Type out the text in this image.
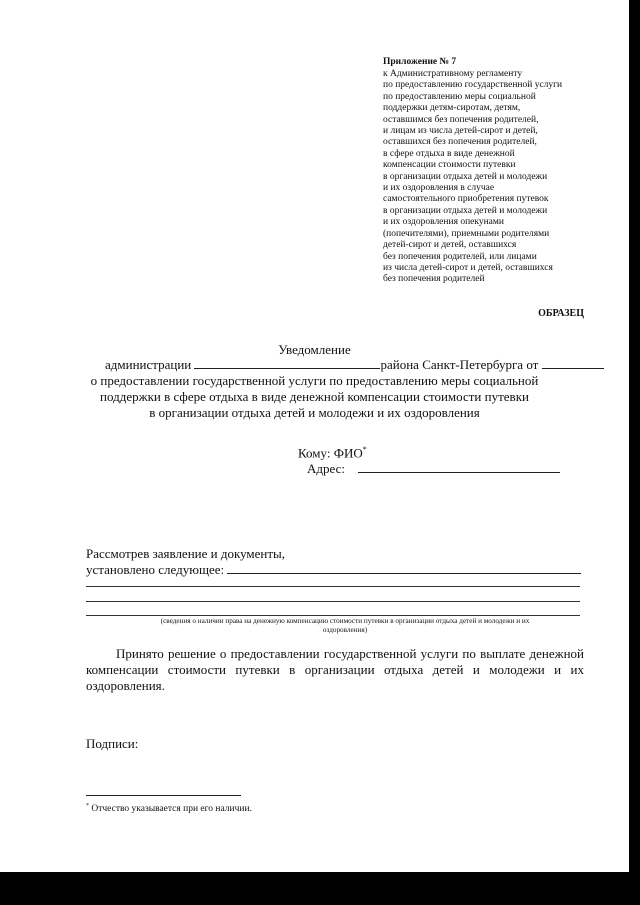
Приложение № 7
к Административному регламенту
по предоставлению государственной услуги
по предоставлению меры социальной
поддержки детям-сиротам, детям,
оставшимся без попечения родителей,
и лицам из числа детей-сирот и детей,
оставшихся без попечения родителей,
в сфере отдыха в виде денежной
компенсации стоимости путевки
в организации отдыха детей и молодежи
и их оздоровления в случае
самостоятельного приобретения путевок
в организации отдыха детей и молодежи
и их оздоровления опекунами
(попечителями), приемными родителями
детей-сирот и детей, оставшихся
без попечения родителей, или лицами
из числа детей-сирот и детей, оставшихся
без попечения родителей
ОБРАЗЕЦ
Уведомление
администрации	района Санкт-Петербурга от
о предоставлении государственной услуги по предоставлению меры социальной
поддержки в сфере отдыха в виде денежной компенсации стоимости путевки
в организации отдыха детей и молодежи и их оздоровления
Кому: ФИО*
Адрес:
Рассмотрев заявление и документы,
установлено следующее:
(сведения о наличии права на денежную компенсацию стоимости путевки в организации отдыха детей и молодежи и их
оздоровления)
Принято решение о предоставлении государственной услуги по выплате денежной компенсации стоимости путевки в организации отдыха детей и молодежи и их оздоровления.
Подписи:
* Отчество указывается при его наличии.
